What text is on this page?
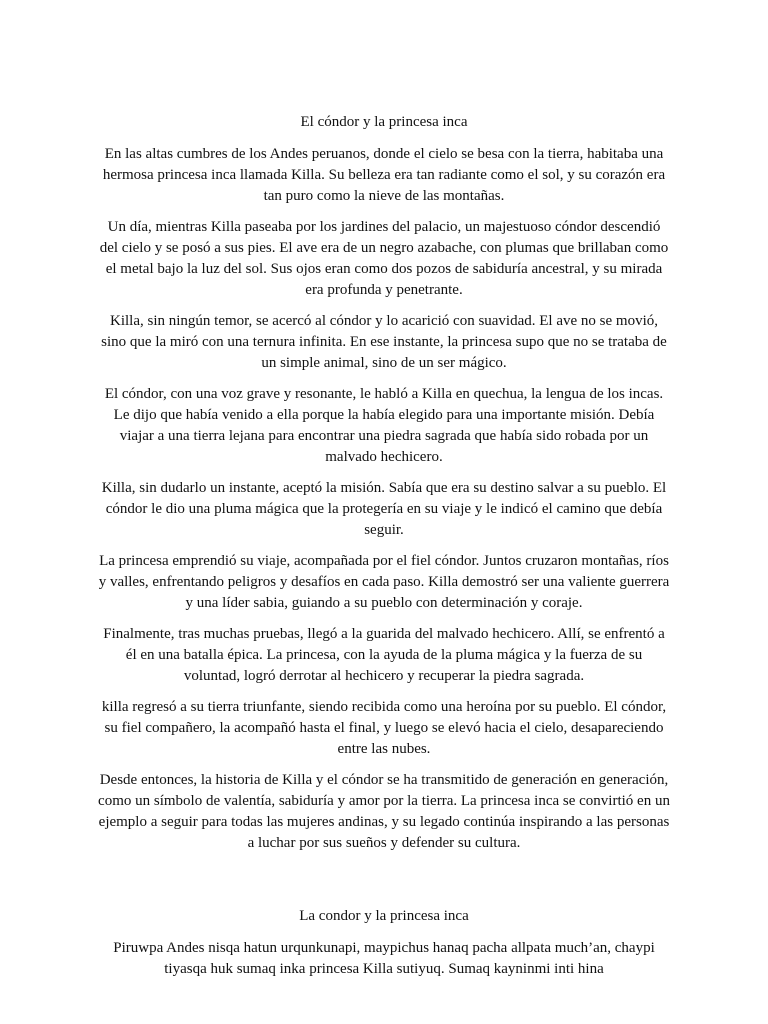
El cóndor y la princesa inca

En las altas cumbres de los Andes peruanos, donde el cielo se besa con la tierra, habitaba una hermosa princesa inca llamada Killa. Su belleza era tan radiante como el sol, y su corazón era tan puro como la nieve de las montañas.

Un día, mientras Killa paseaba por los jardines del palacio, un majestuoso cóndor descendió del cielo y se posó a sus pies. El ave era de un negro azabache, con plumas que brillaban como el metal bajo la luz del sol. Sus ojos eran como dos pozos de sabiduría ancestral, y su mirada era profunda y penetrante.

Killa, sin ningún temor, se acercó al cóndor y lo acarició con suavidad. El ave no se movió, sino que la miró con una ternura infinita. En ese instante, la princesa supo que no se trataba de un simple animal, sino de un ser mágico.

El cóndor, con una voz grave y resonante, le habló a Killa en quechua, la lengua de los incas. Le dijo que había venido a ella porque la había elegido para una importante misión. Debía viajar a una tierra lejana para encontrar una piedra sagrada que había sido robada por un malvado hechicero.

Killa, sin dudarlo un instante, aceptó la misión. Sabía que era su destino salvar a su pueblo. El cóndor le dio una pluma mágica que la protegería en su viaje y le indicó el camino que debía seguir.

La princesa emprendió su viaje, acompañada por el fiel cóndor. Juntos cruzaron montañas, ríos y valles, enfrentando peligros y desafíos en cada paso. Killa demostró ser una valiente guerrera y una líder sabia, guiando a su pueblo con determinación y coraje.

Finalmente, tras muchas pruebas, llegó a la guarida del malvado hechicero. Allí, se enfrentó a él en una batalla épica. La princesa, con la ayuda de la pluma mágica y la fuerza de su voluntad, logró derrotar al hechicero y recuperar la piedra sagrada.

killa regresó a su tierra triunfante, siendo recibida como una heroína por su pueblo. El cóndor, su fiel compañero, la acompañó hasta el final, y luego se elevó hacia el cielo, desapareciendo entre las nubes.

Desde entonces, la historia de Killa y el cóndor se ha transmitido de generación en generación, como un símbolo de valentía, sabiduría y amor por la tierra. La princesa inca se convirtió en un ejemplo a seguir para todas las mujeres andinas, y su legado continúa inspirando a las personas a luchar por sus sueños y defender su cultura.

La condor y la princesa inca

Piruwpa Andes nisqa hatun urqunkunapi, maypichus hanaq pacha allpata much’an, chaypi tiyasqa huk sumaq inka princesa Killa sutiyuq. Sumaq kayninmi inti hina
